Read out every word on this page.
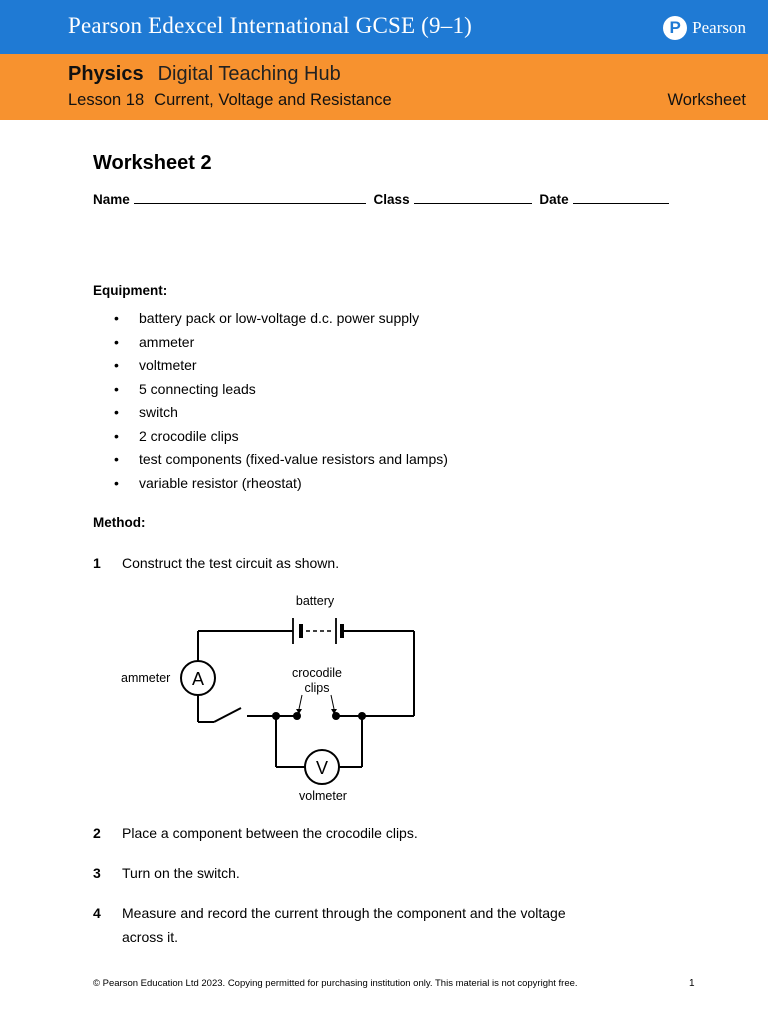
Pearson Edexcel International GCSE (9–1)	P Pearson
Physics Digital Teaching Hub
Lesson 18 Current, Voltage and Resistance	Worksheet
Worksheet 2
Name	Class	Date
Equipment:
• battery pack or low-voltage d.c. power supply
• ammeter
• voltmeter
• 5 connecting leads
• switch
• 2 crocodile clips
• test components (fixed-value resistors and lamps)
• variable resistor (rheostat)
Method:
1 Construct the test circuit as shown.
2 Place a component between the crocodile clips.
3 Turn on the switch.
4 Measure and record the current through the component and the voltage
across it.
battery
ammeter A	crocodile
clips
V
volmeter
© Pearson Education Ltd 2023. Copying permitted for purchasing institution only. This material is not copyright free.	1
